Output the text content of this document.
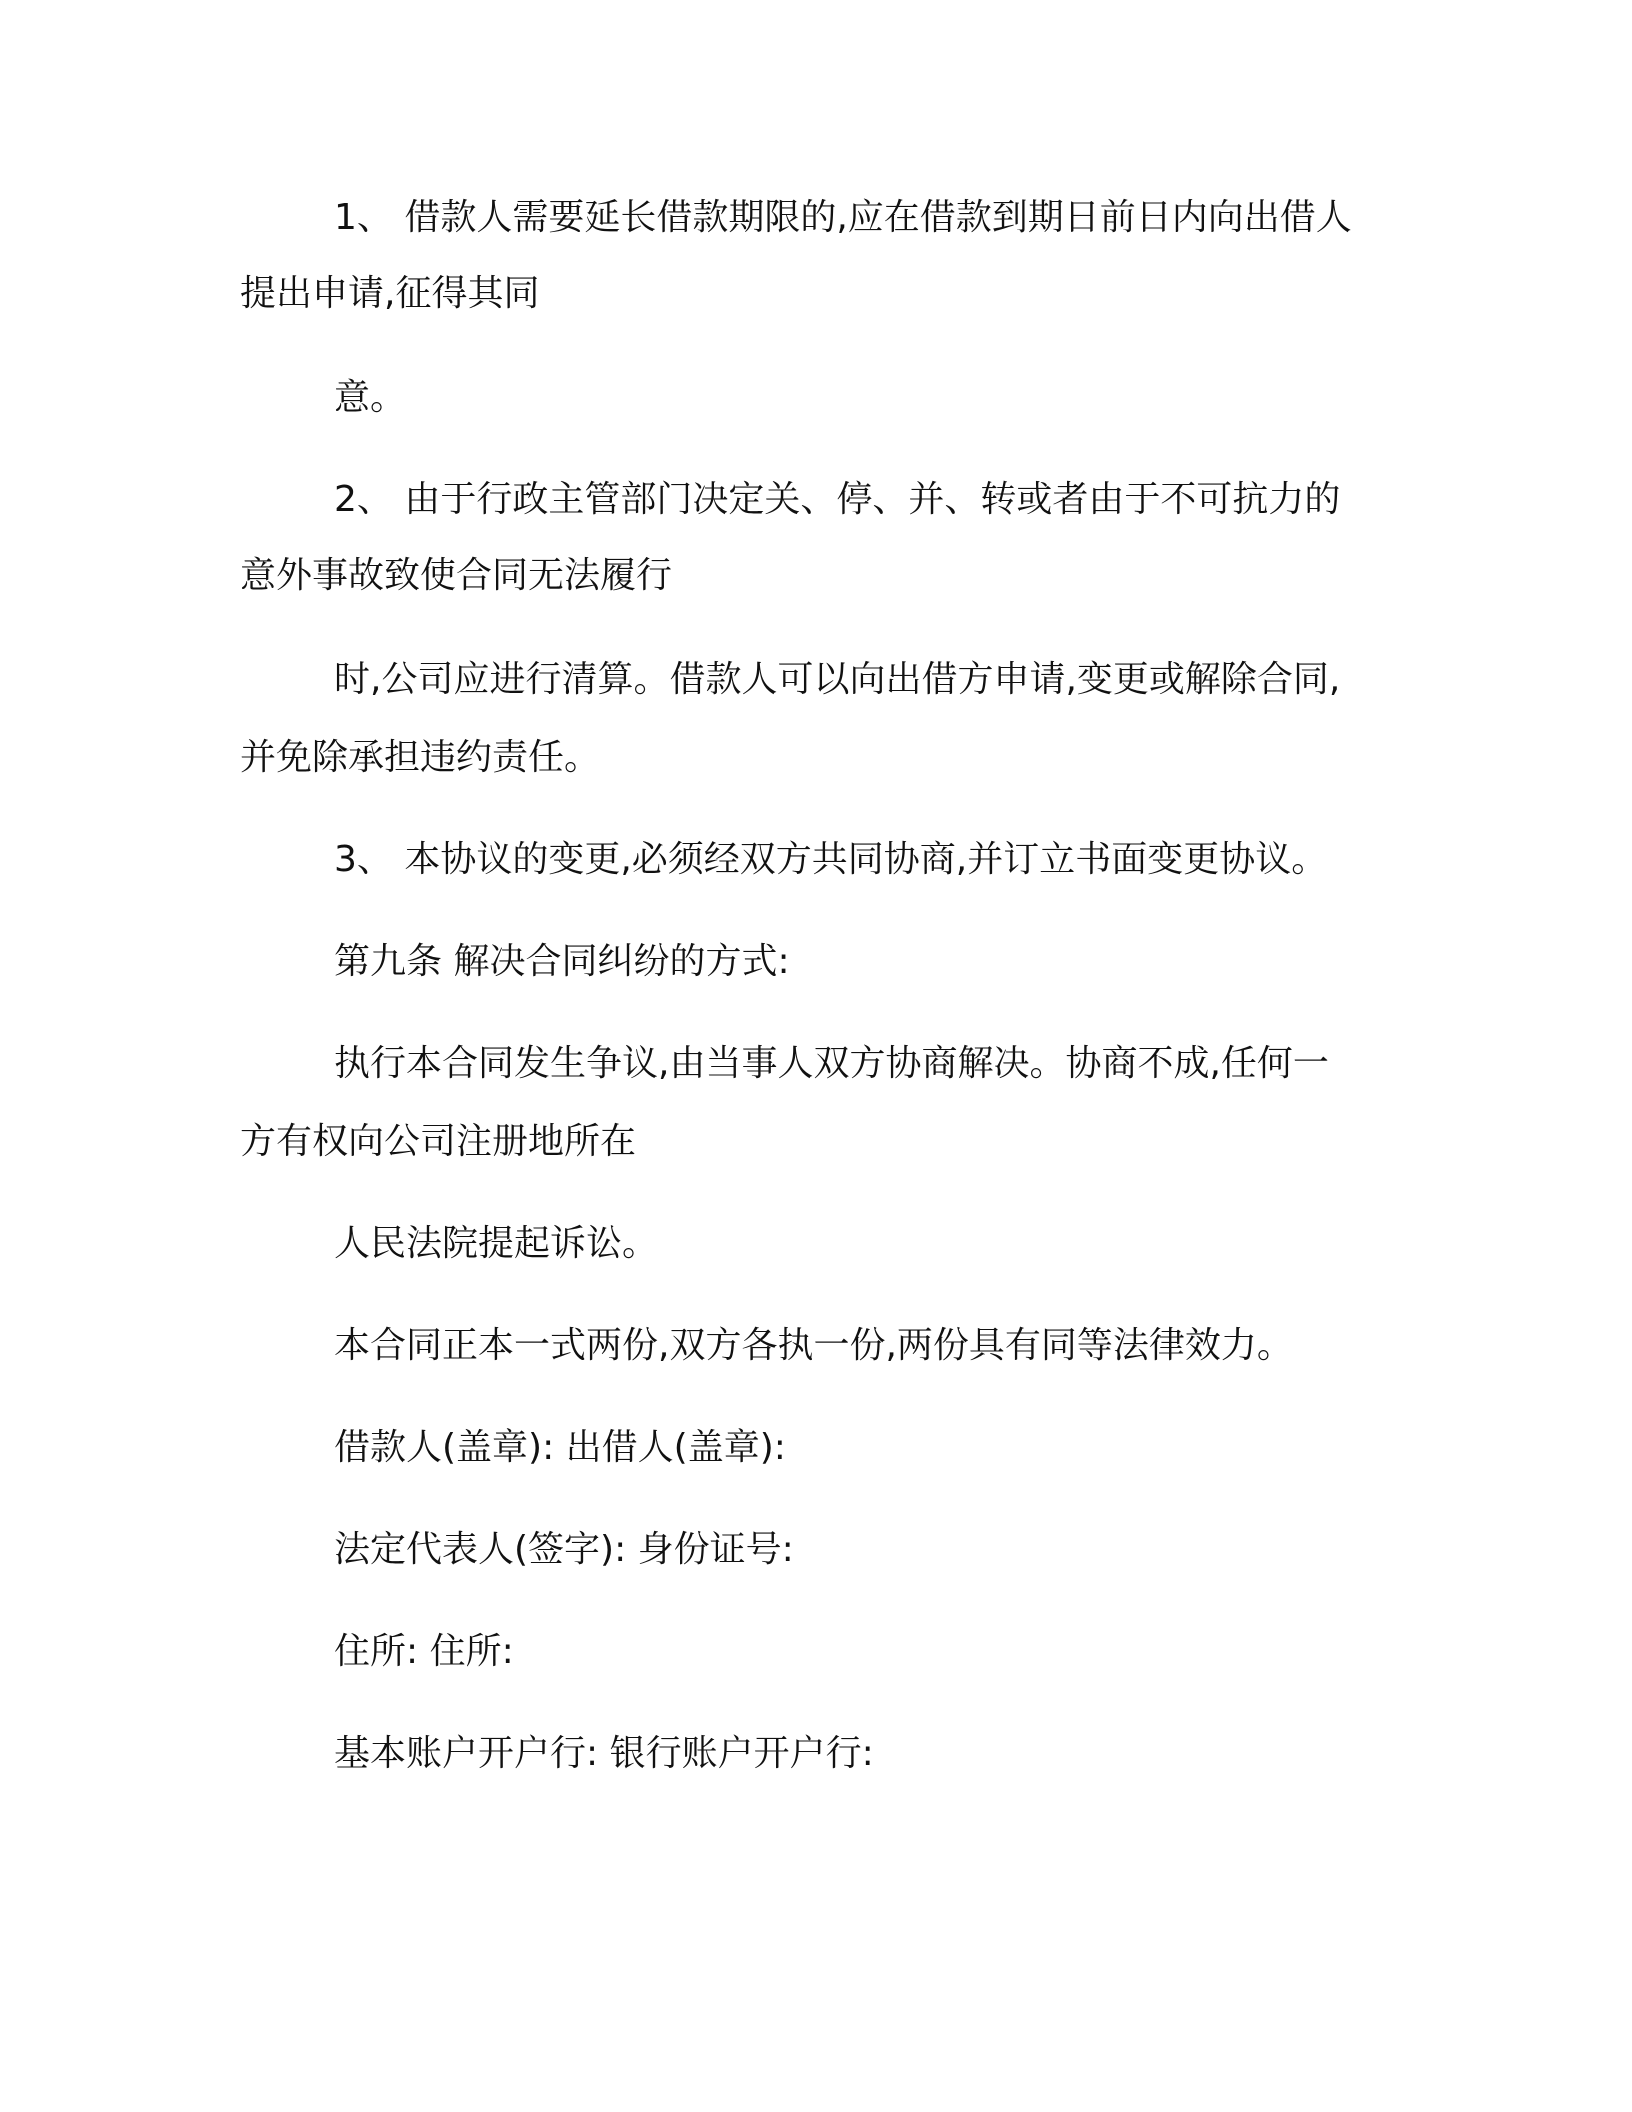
1、 借款人需要延长借款期限的,应在借款到期日前日内向出借人
提出申请,征得其同
意。
2、 由于行政主管部门决定关、停、并、转或者由于不可抗力的
意外事故致使合同无法履行
时,公司应进行清算。借款人可以向出借方申请,变更或解除合同,
并免除承担违约责任。
3、 本协议的变更,必须经双方共同协商,并订立书面变更协议。
第九条 解决合同纠纷的方式:
执行本合同发生争议,由当事人双方协商解决。协商不成,任何一
方有权向公司注册地所在
人民法院提起诉讼。
本合同正本一式两份,双方各执一份,两份具有同等法律效力。
借款人(盖章): 出借人(盖章):
法定代表人(签字): 身份证号:
住所: 住所:
基本账户开户行: 银行账户开户行:
